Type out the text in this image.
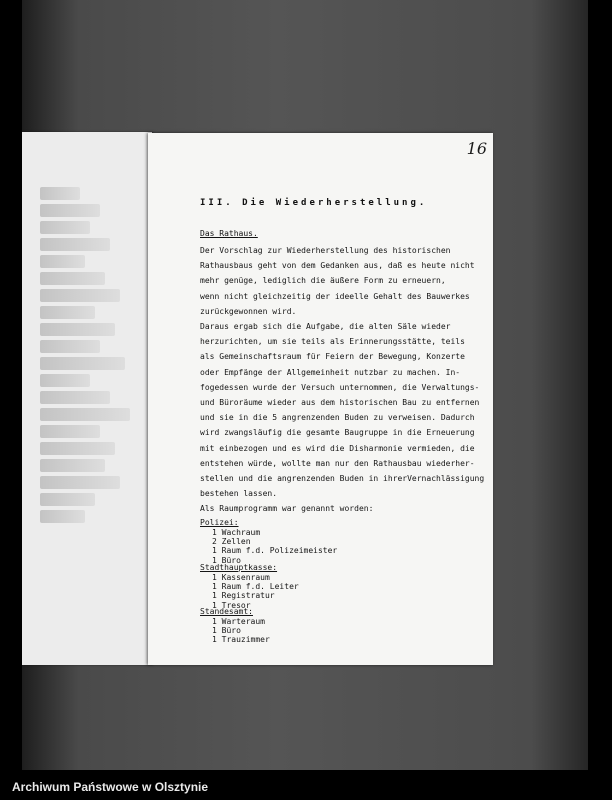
16
III. Die Wiederherstellung.
Das Rathaus.
Der Vorschlag zur Wiederherstellung des historischen
Rathausbaus geht von dem Gedanken aus, daß es heute nicht
mehr genüge, lediglich die äußere Form zu erneuern,
wenn nicht gleichzeitig der ideelle Gehalt des Bauwerkes
zurückgewonnen wird.
Daraus ergab sich die Aufgabe, die alten Säle wieder
herzurichten, um sie teils als Erinnerungsstätte, teils
als Gemeinschaftsraum für Feiern der Bewegung, Konzerte
oder Empfänge der Allgemeinheit nutzbar zu machen. In-
fogedessen wurde der Versuch unternommen, die Verwaltungs-
und Büroräume wieder aus dem historischen Bau zu entfernen
und sie in die 5 angrenzenden Buden zu verweisen. Dadurch
wird zwangsläufig die gesamte Baugruppe in die Erneuerung
mit einbezogen und es wird die Disharmonie vermieden, die
entstehen würde, wollte man nur den Rathausbau wiederher-
stellen und die angrenzenden Buden in ihrerVernachlässigung
bestehen lassen.
Als Raumprogramm war genannt worden:
Polizei:
1 Wachraum
2 Zellen
1 Raum f.d. Polizeimeister
1 Büro
Stadthauptkasse:
1 Kassenraum
1 Raum f.d. Leiter
1 Registratur
1 Tresor
Standesamt:
1 Warteraum
1 Büro
1 Trauzimmer
Archiwum Państwowe w Olsztynie
